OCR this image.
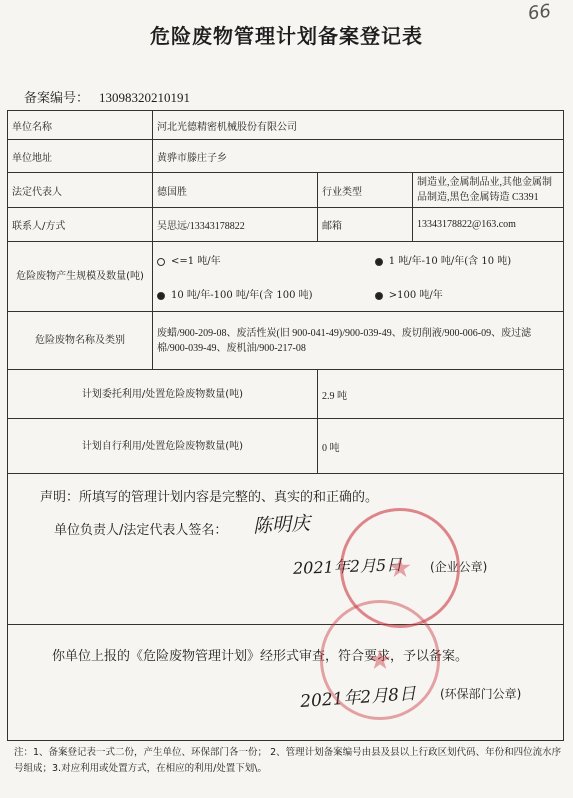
66
危险废物管理计划备案登记表
备案编号： 13098320210191
单位名称	河北光德精密机械股份有限公司
单位地址	黄骅市滕庄子乡
法定代表人	德国胜	行业类型	制造业,金属制品业,其他金属制品制造,黑色金属铸造 C3391
联系人/方式	吴思远/13343178822	邮箱	13343178822@163.com
危险废物产生规模及数量(吨)	
<=1 吨/年	1 吨/年-10 吨/年(含 10 吨)
10 吨/年-100 吨/年(含 100 吨)	>100 吨/年

危险废物名称及类别	废蜡/900-209-08、废活性炭(旧 900-041-49)/900-039-49、废切削液/900-006-09、废过滤棉/900-039-49、废机油/900-217-08
计划委托利用/处置危险废物数量(吨)	2.9 吨
计划自行利用/处置危险废物数量(吨)	0 吨

声明：所填写的管理计划内容是完整的、真实的和正确的。
单位负责人/法定代表人签名： 陈明庆
2021年2月5日 (企业公章)

你单位上报的《危险废物管理计划》经形式审查，符合要求，予以备案。
2021年2月8日 (环保部门公章)
注：1、备案登记表一式二份，产生单位、环保部门各一份； 2、管理计划备案编号由县及县以上行政区划代码、年份和四位流水序号组成；3.对应利用或处置方式，在相应的利用/处置下划\。
